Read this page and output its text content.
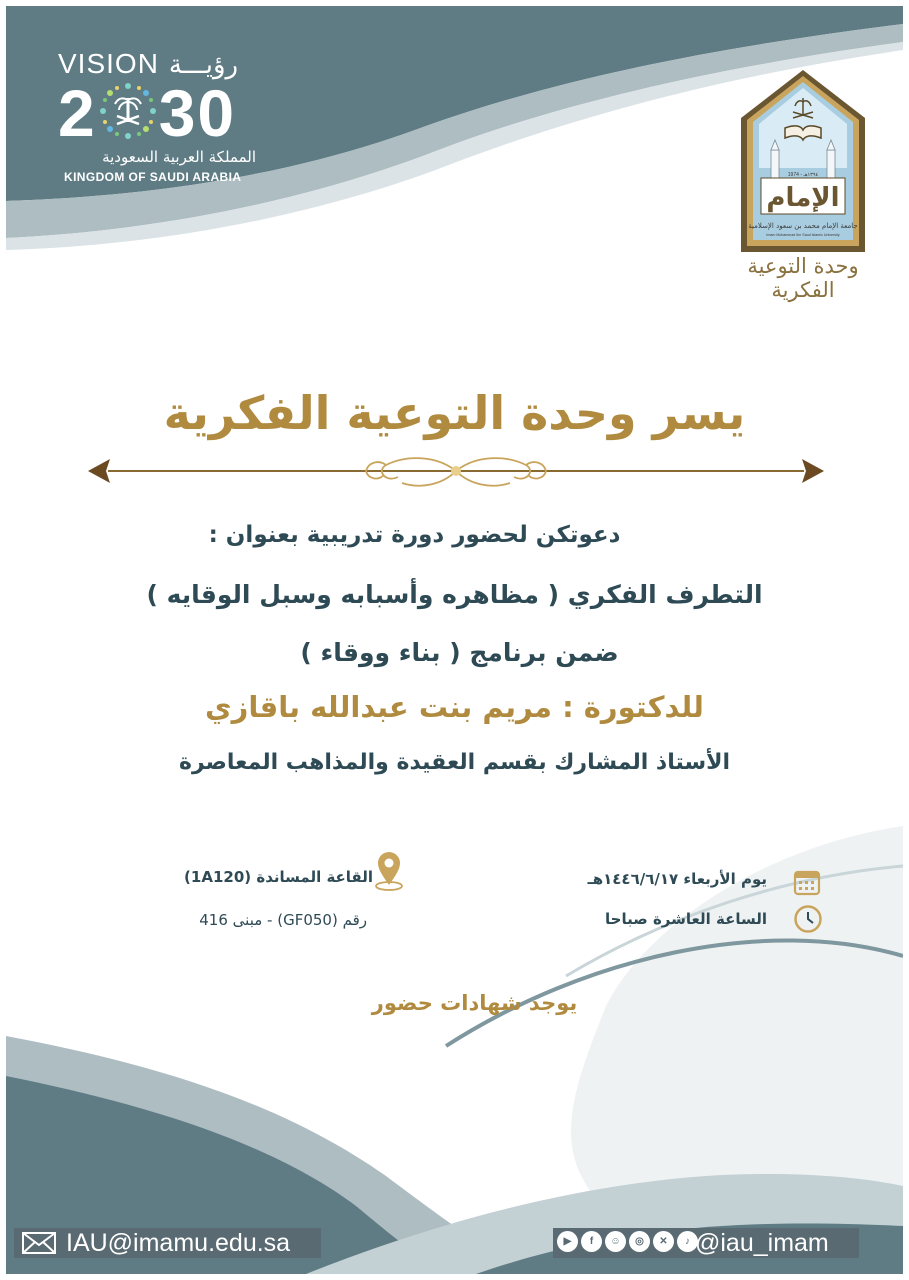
VISION رؤيـــة
2 30
المملكة العربية السعودية
KINGDOM OF SAUDI ARABIA	1974 - ١٣٩٤هـ
الإمام
جامعة الإمام محمد بن سعود الإسلامية
Imam Mohammad Ibn Saud Islamic University
وحدة التوعية الفكرية
يسر وحدة التوعية الفكرية
دعوتكن لحضور دورة تدريبية بعنوان :
التطرف الفكري ( مظاهره وأسبابه وسبل الوقايه )
ضمن برنامج ( بناء ووقاء )
للدكتورة : مريم بنت عبدالله باقازي
الأستاذ المشارك بقسم العقيدة والمذاهب المعاصرة
يوم الأربعاء ١٤٤٦/٦/١٧هـ
الساعة العاشرة صباحا
القاعة المساندة (1A120)
رقم (GF050) - مبنى 416
يوجد شهادات حضور
IAU@imamu.edu.sa	▶	f	☺	◎	✕	♪ @iau_imam
